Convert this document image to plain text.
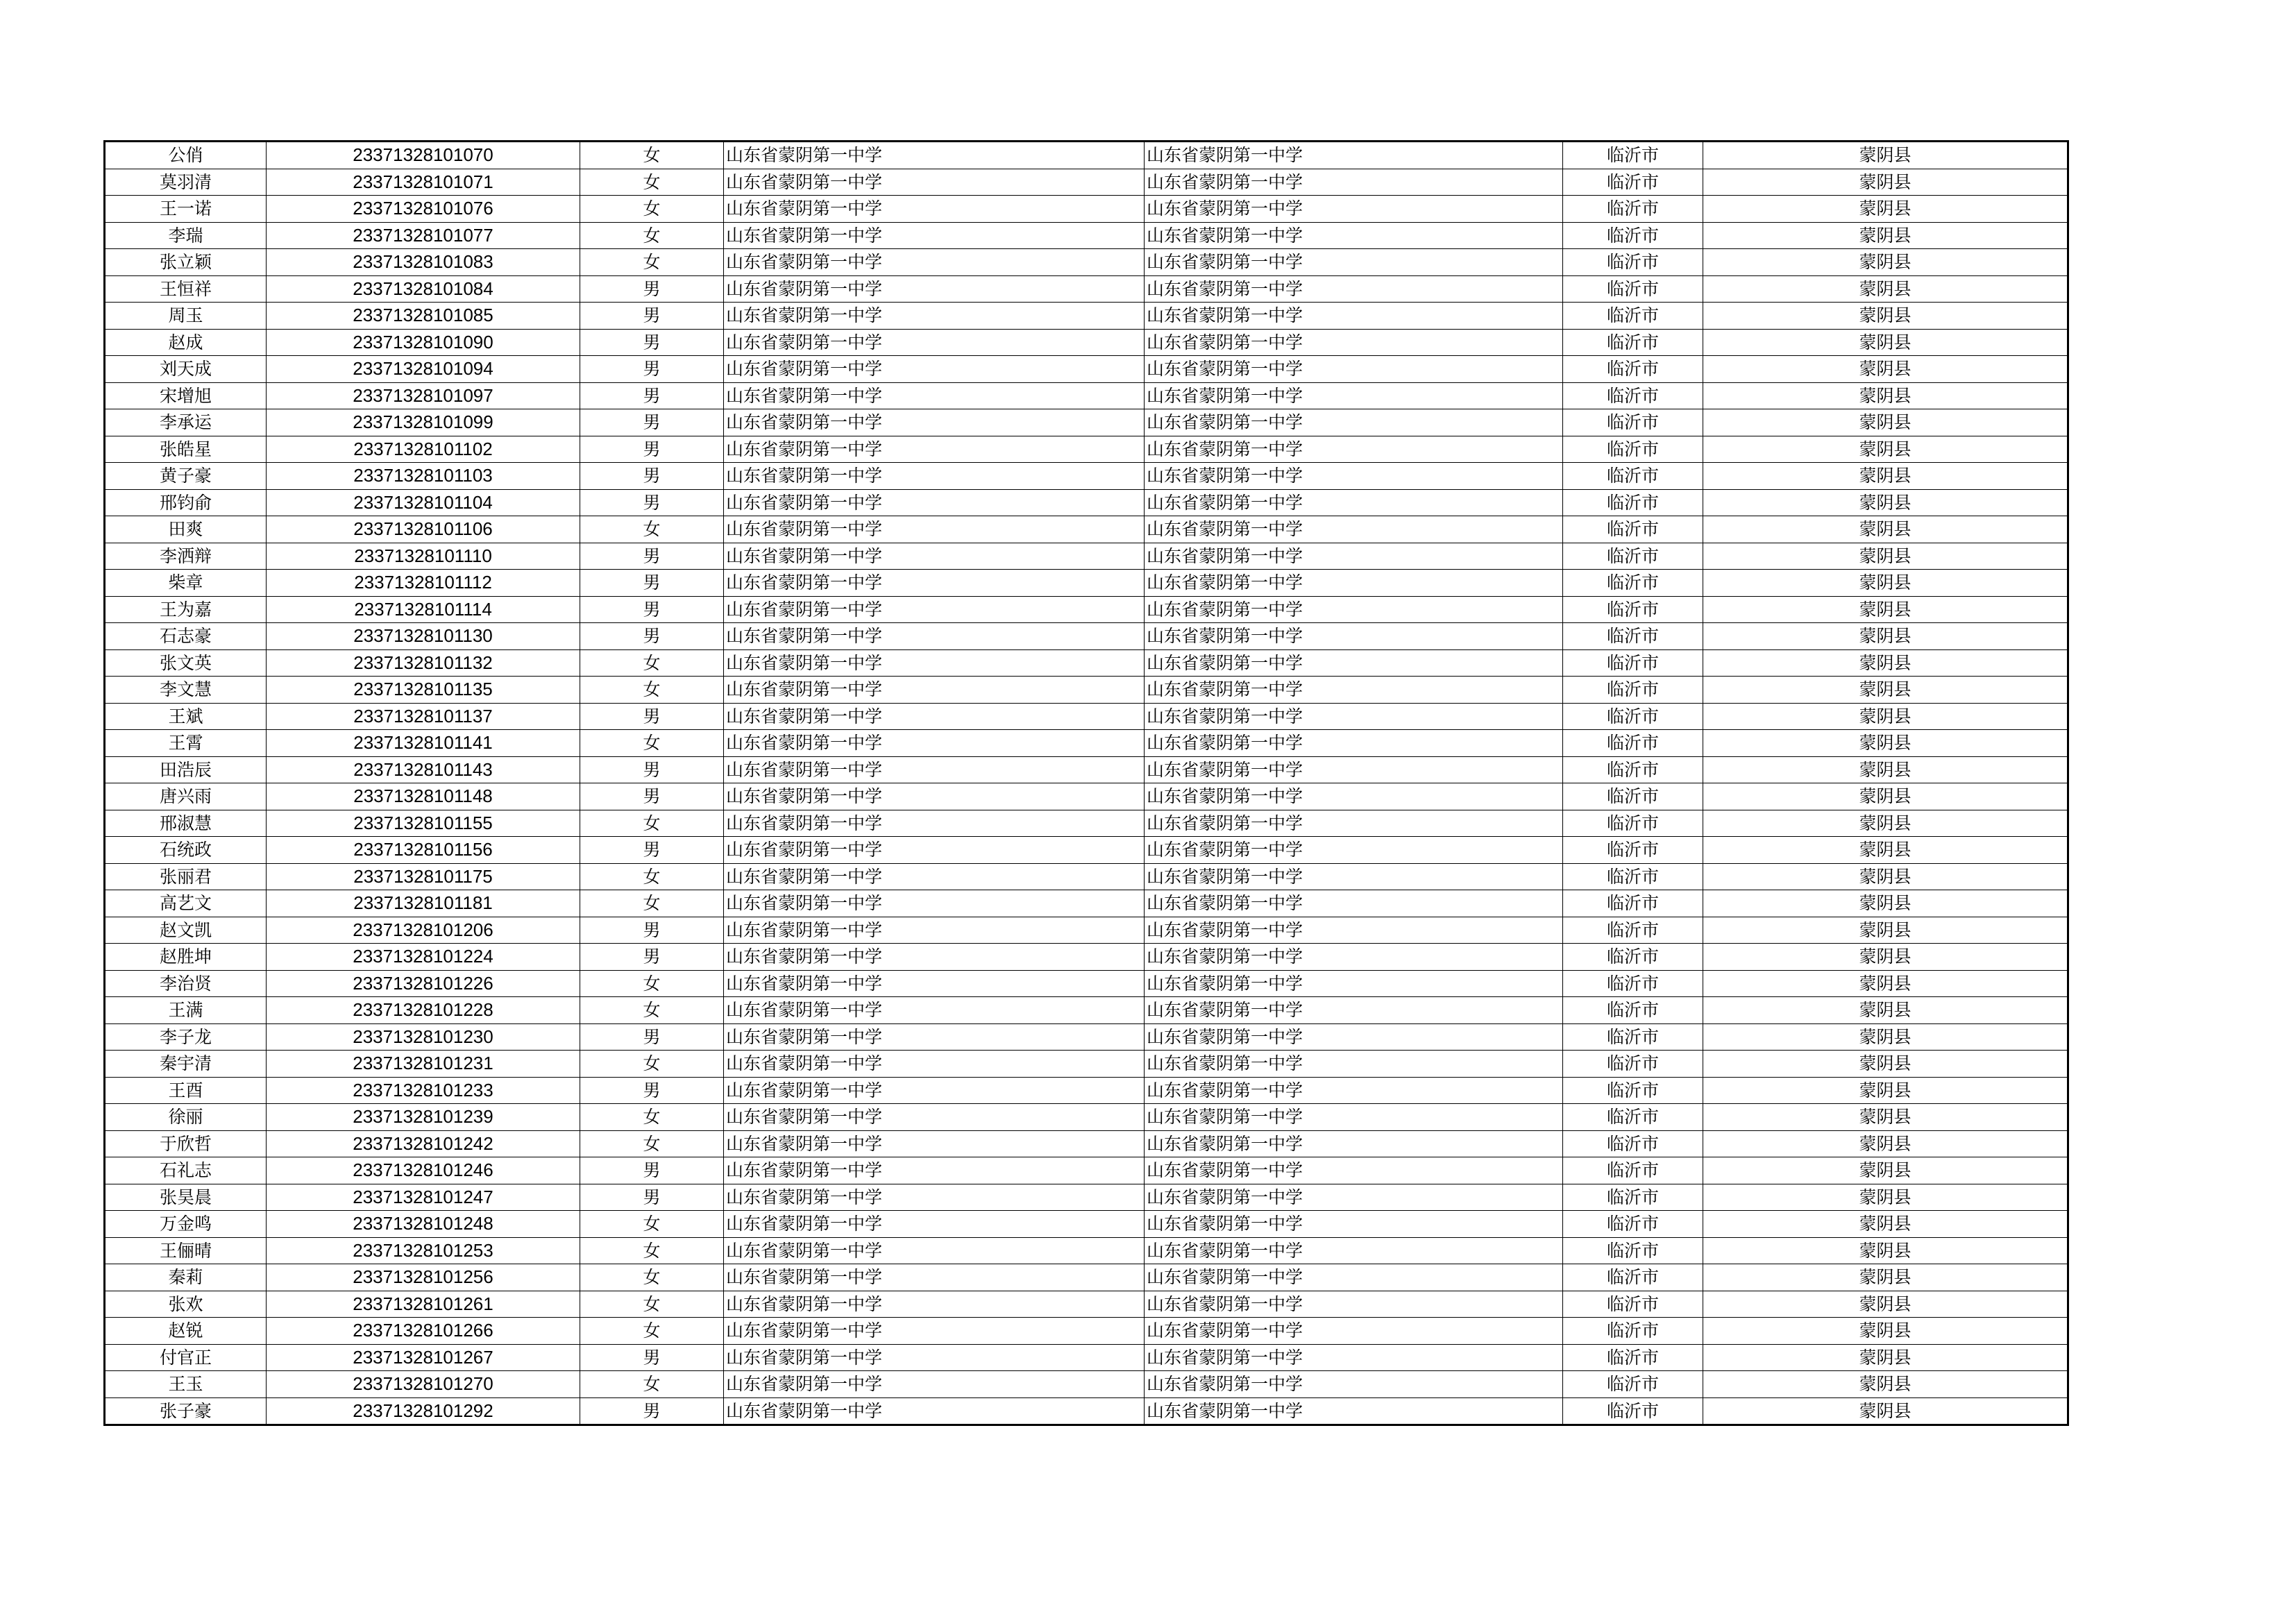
公俏	23371328101070	女	山东省蒙阴第一中学	山东省蒙阴第一中学	临沂市	蒙阴县
莫羽清	23371328101071	女	山东省蒙阴第一中学	山东省蒙阴第一中学	临沂市	蒙阴县
王一诺	23371328101076	女	山东省蒙阴第一中学	山东省蒙阴第一中学	临沂市	蒙阴县
李瑞	23371328101077	女	山东省蒙阴第一中学	山东省蒙阴第一中学	临沂市	蒙阴县
张立颖	23371328101083	女	山东省蒙阴第一中学	山东省蒙阴第一中学	临沂市	蒙阴县
王恒祥	23371328101084	男	山东省蒙阴第一中学	山东省蒙阴第一中学	临沂市	蒙阴县
周玉	23371328101085	男	山东省蒙阴第一中学	山东省蒙阴第一中学	临沂市	蒙阴县
赵成	23371328101090	男	山东省蒙阴第一中学	山东省蒙阴第一中学	临沂市	蒙阴县
刘天成	23371328101094	男	山东省蒙阴第一中学	山东省蒙阴第一中学	临沂市	蒙阴县
宋增旭	23371328101097	男	山东省蒙阴第一中学	山东省蒙阴第一中学	临沂市	蒙阴县
李承运	23371328101099	男	山东省蒙阴第一中学	山东省蒙阴第一中学	临沂市	蒙阴县
张皓星	23371328101102	男	山东省蒙阴第一中学	山东省蒙阴第一中学	临沂市	蒙阴县
黄子豪	23371328101103	男	山东省蒙阴第一中学	山东省蒙阴第一中学	临沂市	蒙阴县
邢钧俞	23371328101104	男	山东省蒙阴第一中学	山东省蒙阴第一中学	临沂市	蒙阴县
田爽	23371328101106	女	山东省蒙阴第一中学	山东省蒙阴第一中学	临沂市	蒙阴县
李洒辩	23371328101110	男	山东省蒙阴第一中学	山东省蒙阴第一中学	临沂市	蒙阴县
柴章	23371328101112	男	山东省蒙阴第一中学	山东省蒙阴第一中学	临沂市	蒙阴县
王为嘉	23371328101114	男	山东省蒙阴第一中学	山东省蒙阴第一中学	临沂市	蒙阴县
石志豪	23371328101130	男	山东省蒙阴第一中学	山东省蒙阴第一中学	临沂市	蒙阴县
张文英	23371328101132	女	山东省蒙阴第一中学	山东省蒙阴第一中学	临沂市	蒙阴县
李文慧	23371328101135	女	山东省蒙阴第一中学	山东省蒙阴第一中学	临沂市	蒙阴县
王斌	23371328101137	男	山东省蒙阴第一中学	山东省蒙阴第一中学	临沂市	蒙阴县
王霄	23371328101141	女	山东省蒙阴第一中学	山东省蒙阴第一中学	临沂市	蒙阴县
田浩辰	23371328101143	男	山东省蒙阴第一中学	山东省蒙阴第一中学	临沂市	蒙阴县
唐兴雨	23371328101148	男	山东省蒙阴第一中学	山东省蒙阴第一中学	临沂市	蒙阴县
邢淑慧	23371328101155	女	山东省蒙阴第一中学	山东省蒙阴第一中学	临沂市	蒙阴县
石统政	23371328101156	男	山东省蒙阴第一中学	山东省蒙阴第一中学	临沂市	蒙阴县
张丽君	23371328101175	女	山东省蒙阴第一中学	山东省蒙阴第一中学	临沂市	蒙阴县
高艺文	23371328101181	女	山东省蒙阴第一中学	山东省蒙阴第一中学	临沂市	蒙阴县
赵文凯	23371328101206	男	山东省蒙阴第一中学	山东省蒙阴第一中学	临沂市	蒙阴县
赵胜坤	23371328101224	男	山东省蒙阴第一中学	山东省蒙阴第一中学	临沂市	蒙阴县
李治贤	23371328101226	女	山东省蒙阴第一中学	山东省蒙阴第一中学	临沂市	蒙阴县
王满	23371328101228	女	山东省蒙阴第一中学	山东省蒙阴第一中学	临沂市	蒙阴县
李子龙	23371328101230	男	山东省蒙阴第一中学	山东省蒙阴第一中学	临沂市	蒙阴县
秦宇清	23371328101231	女	山东省蒙阴第一中学	山东省蒙阴第一中学	临沂市	蒙阴县
王酉	23371328101233	男	山东省蒙阴第一中学	山东省蒙阴第一中学	临沂市	蒙阴县
徐丽	23371328101239	女	山东省蒙阴第一中学	山东省蒙阴第一中学	临沂市	蒙阴县
于欣哲	23371328101242	女	山东省蒙阴第一中学	山东省蒙阴第一中学	临沂市	蒙阴县
石礼志	23371328101246	男	山东省蒙阴第一中学	山东省蒙阴第一中学	临沂市	蒙阴县
张昊晨	23371328101247	男	山东省蒙阴第一中学	山东省蒙阴第一中学	临沂市	蒙阴县
万金鸣	23371328101248	女	山东省蒙阴第一中学	山东省蒙阴第一中学	临沂市	蒙阴县
王俪晴	23371328101253	女	山东省蒙阴第一中学	山东省蒙阴第一中学	临沂市	蒙阴县
秦莉	23371328101256	女	山东省蒙阴第一中学	山东省蒙阴第一中学	临沂市	蒙阴县
张欢	23371328101261	女	山东省蒙阴第一中学	山东省蒙阴第一中学	临沂市	蒙阴县
赵锐	23371328101266	女	山东省蒙阴第一中学	山东省蒙阴第一中学	临沂市	蒙阴县
付官正	23371328101267	男	山东省蒙阴第一中学	山东省蒙阴第一中学	临沂市	蒙阴县
王玉	23371328101270	女	山东省蒙阴第一中学	山东省蒙阴第一中学	临沂市	蒙阴县
张子豪	23371328101292	男	山东省蒙阴第一中学	山东省蒙阴第一中学	临沂市	蒙阴县
